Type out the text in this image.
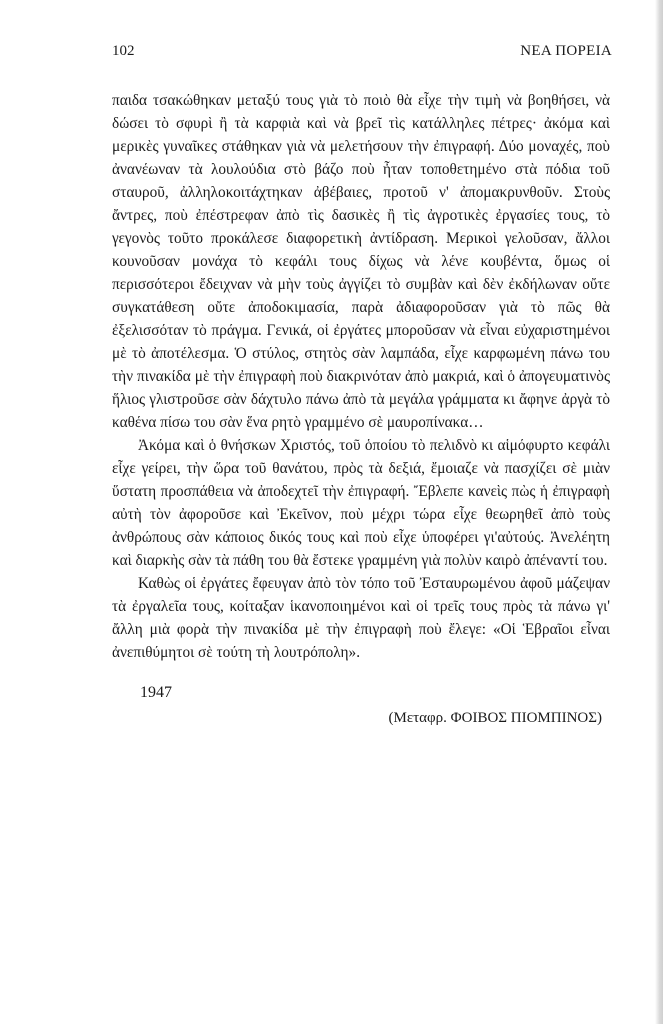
102	ΝΕΑ ΠΟΡΕΙΑ

παιδα τσακώθηκαν μεταξύ τους γιὰ τὸ ποιὸ θὰ εἶχε τὴν τιμὴ νὰ βοηθήσει, νὰ δώσει τὸ σφυρὶ ἢ τὰ καρφιὰ καὶ νὰ βρεῖ τὶς κατάλληλες πέτρες· ἀκόμα καὶ μερικὲς γυναῖκες στάθηκαν γιὰ νὰ μελετήσουν τὴν ἐπιγραφή. Δύο μοναχές, ποὺ ἀνανέωναν τὰ λουλούδια στὸ βάζο ποὺ ἦταν τοποθετημένο στὰ πόδια τοῦ σταυροῦ, ἀλληλοκοιτάχτηκαν ἀβέβαιες, προτοῦ ν' ἀπομακρυνθοῦν. Στοὺς ἄντρες, ποὺ ἐπέστρεφαν ἀπὸ τὶς δασικὲς ἢ τὶς ἀγροτικὲς ἐργασίες τους, τὸ γεγονὸς τοῦτο προκάλεσε διαφορετικὴ ἀντίδραση. Μερικοὶ γελοῦσαν, ἄλλοι κουνοῦσαν μονάχα τὸ κεφάλι τους δίχως νὰ λένε κουβέντα, ὅμως οἱ περισσότεροι ἔδειχναν νὰ μὴν τοὺς ἀγγίζει τὸ συμβὰν καὶ δὲν ἐκδήλωναν οὔτε συγκατάθεση οὔτε ἀποδοκιμασία, παρὰ ἀδιαφοροῦσαν γιὰ τὸ πῶς θὰ ἐξελισσόταν τὸ πράγμα. Γενικά, οἱ ἐργάτες μποροῦσαν νὰ εἶναι εὐχαριστημένοι μὲ τὸ ἀποτέλεσμα. Ὁ στύλος, στητὸς σὰν λαμπάδα, εἶχε καρφωμένη πάνω του τὴν πινακίδα μὲ τὴν ἐπιγραφὴ ποὺ διακρινόταν ἀπὸ μακριά, καὶ ὁ ἀπογευματινὸς ἥλιος γλιστροῦσε σὰν δάχτυλο πάνω ἀπὸ τὰ μεγάλα γράμματα κι ἄφηνε ἀργὰ τὸ καθένα πίσω του σὰν ἕνα ρητὸ γραμμένο σὲ μαυροπίνακα…

Ἀκόμα καὶ ὁ θνήσκων Χριστός, τοῦ ὁποίου τὸ πελιδνὸ κι αἱμόφυρτο κεφάλι εἶχε γείρει, τὴν ὥρα τοῦ θανάτου, πρὸς τὰ δεξιά, ἔμοιαζε νὰ πασχίζει σὲ μιὰν ὕστατη προσπάθεια νὰ ἀποδεχτεῖ τὴν ἐπιγραφή. Ἔβλεπε κανεὶς πὼς ἡ ἐπιγραφὴ αὐτὴ τὸν ἀφοροῦσε καὶ Ἐκεῖνον, ποὺ μέχρι τώρα εἶχε θεωρηθεῖ ἀπὸ τοὺς ἀνθρώπους σὰν κάποιος δικός τους καὶ ποὺ εἶχε ὑποφέρει γι'αὐτούς. Ἀνελέητη καὶ διαρκὴς σὰν τὰ πάθη του θὰ ἔστεκε γραμμένη γιὰ πολὺν καιρὸ ἀπέναντί του.

Καθὼς οἱ ἐργάτες ἔφευγαν ἀπὸ τὸν τόπο τοῦ Ἐσταυρωμένου ἀφοῦ μάζεψαν τὰ ἐργαλεῖα τους, κοίταξαν ἱκανοποιημένοι καὶ οἱ τρεῖς τους πρὸς τὰ πάνω γι' ἄλλη μιὰ φορὰ τὴν πινακίδα μὲ τὴν ἐπιγραφὴ ποὺ ἔλεγε: «Οἱ Ἑβραῖοι εἶναι ἀνεπιθύμητοι σὲ τούτη τὴ λουτρόπολη».

1947
(Μεταφρ. ΦΟΙΒΟΣ ΠΙΟΜΠΙΝΟΣ)
